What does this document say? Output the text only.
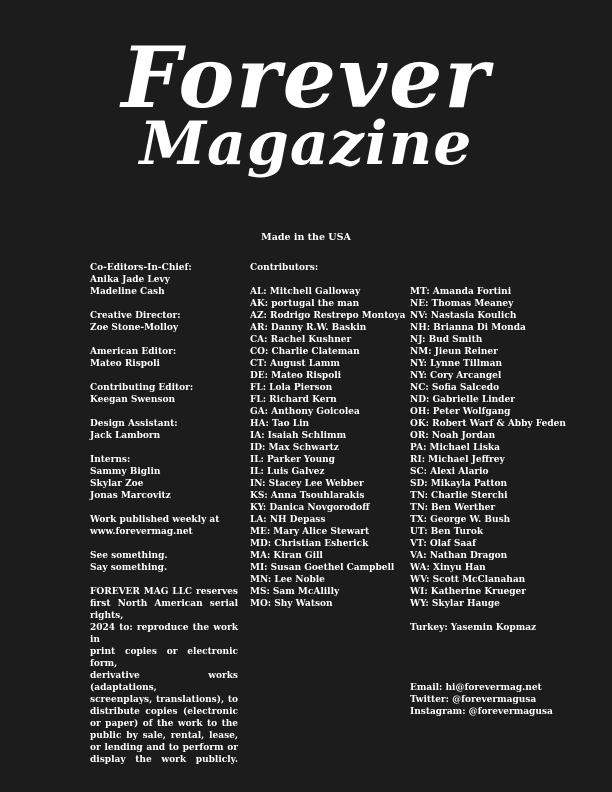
Forever
Magazine
Made in the USA
Co-Editors-In-Chief:
Anika Jade Levy
Madeline Cash
Creative Director:
Zoe Stone-Molloy
American Editor:
Mateo Rispoli
Contributing Editor:
Keegan Swenson
Design Assistant:
Jack Lamborn
Interns:
Sammy Biglin
Skylar Zoe
Jonas Marcovitz
Work published weekly at
www.forevermag.net
See something.
Say something.
FOREVER MAG LLC reserves
first North American serial rights,
2024 to: reproduce the work in
print copies or electronic form,
derivative works (adaptations,
screenplays, translations), to
distribute copies (electronic
or paper) of the work to the
public by sale, rental, lease,
or lending and to perform or
display the work publicly.
Contributors:
AL: Mitchell Galloway
AK: portugal the man
AZ: Rodrigo Restrepo Montoya
AR: Danny R.W. Baskin
CA: Rachel Kushner
CO: Charlie Clateman
CT: August Lamm
DE: Mateo Rispoli
FL: Lola Pierson
FL: Richard Kern
GA: Anthony Goicolea
HA: Tao Lin
IA: Isaiah Schlimm
ID: Max Schwartz
IL: Parker Young
IL: Luis Galvez
IN: Stacey Lee Webber
KS: Anna Tsouhlarakis
KY: Danica Novgorodoff
LA: NH Depass
ME: Mary Alice Stewart
MD: Christian Esherick
MA: Kiran Gill
MI: Susan Goethel Campbell
MN: Lee Noble
MS: Sam McAlilly
MO: Shy Watson
MT: Amanda Fortini
NE: Thomas Meaney
NV: Nastasia Koulich
NH: Brianna Di Monda
NJ: Bud Smith
NM: Jieun Reiner
NY: Lynne Tillman
NY: Cory Arcangel
NC: Sofia Salcedo
ND: Gabrielle Linder
OH: Peter Wolfgang
OK: Robert Warf & Abby Feden
OR: Noah Jordan
PA: Michael Liska
RI: Michael Jeffrey
SC: Alexi Alario
SD: Mikayla Patton
TN: Charlie Sterchi
TN: Ben Werther
TX: George W. Bush
UT: Ben Turok
VT: Olaf Saaf
VA: Nathan Dragon
WA: Xinyu Han
WV: Scott McClanahan
WI: Katherine Krueger
WY: Skylar Hauge
Turkey: Yasemin Kopmaz
Email: hi@forevermag.net
Twitter: @forevermagusa
Instagram: @forevermagusa
